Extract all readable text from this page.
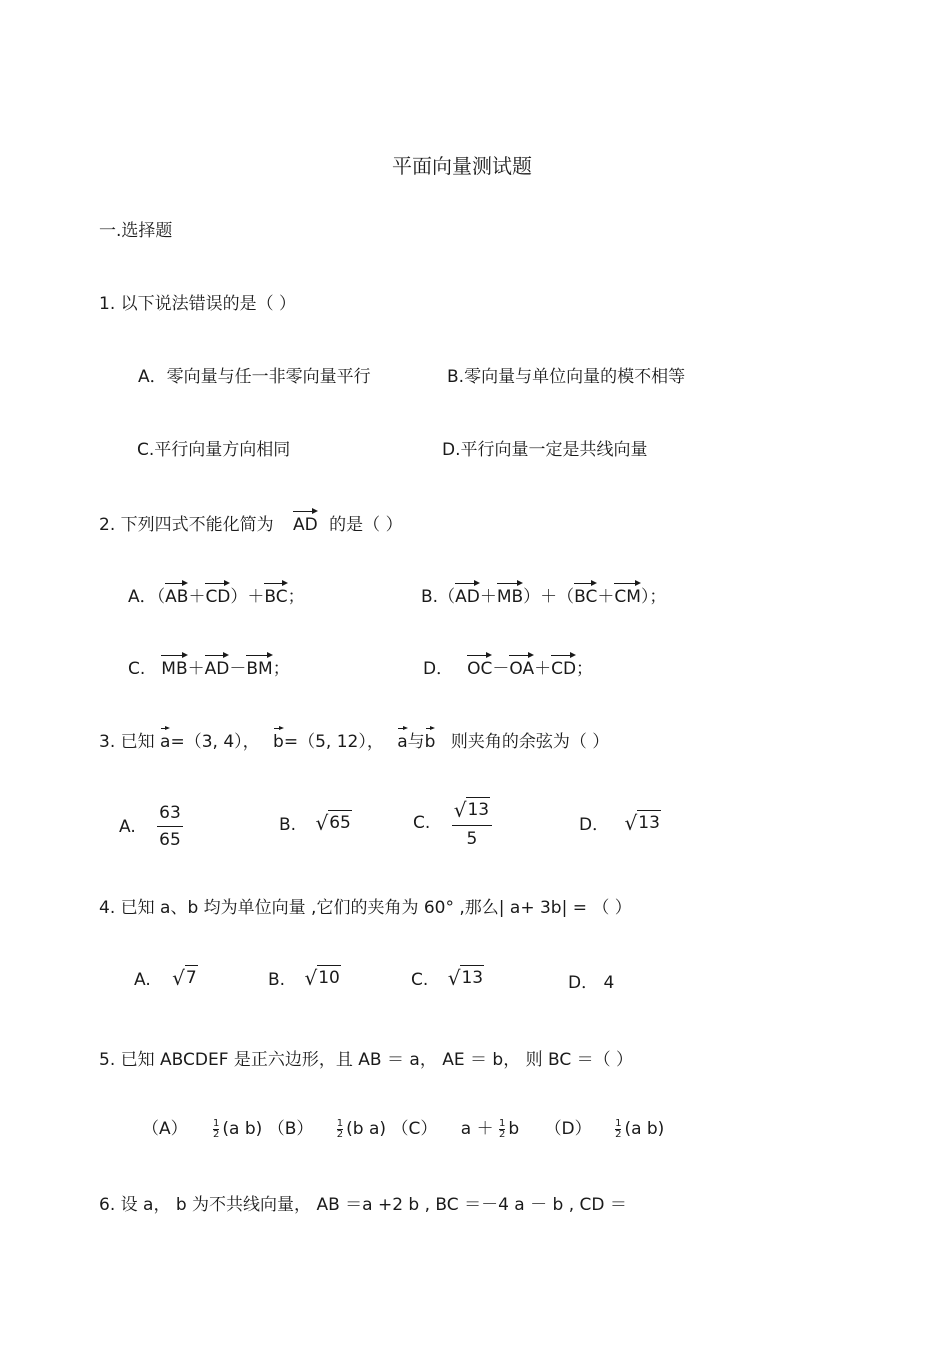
平面向量测试题
一.选择题
1. 以下说法错误的是（ ）
A．零向量与任一非零向量平行	B.零向量与单位向量的模不相等
C.平行向量方向相同	D.平行向量一定是共线向量
2. 下列四式不能化简为 AD 的是（ ）
A．（AB＋CD）＋BC；	B.（AD＋MB）＋（BC＋CM）；
C. MB＋AD－BM；	D． OC－OA＋CD；
3. 已知 a=（3, 4）， b=（5, 12）， a与b 则夹角的余弦为（ ）
A. $\frac{63}{65}$	B. √ 65	C. $\frac{√ 13}{5}$	D． √ 13
4. 已知 a、b 均为单位向量 ,它们的夹角为 60° ,那么| a+ 3b| = （ ）
A. √ 7	B. √ 10	C. √ 13	D． 4
5. 已知 ABCDEF 是正六边形，且 AB ＝ a， AE ＝ b， 则 BC ＝（ ）
（A）	$\frac{1}{2} (a$ b) $(B) \frac{1}{2} (b$ a) （C） $a + \frac{1}{2}$ b $(D) \frac{1}{2} (a$ b)
6. 设 a， b 为不共线向量， AB ＝a +2 b , BC ＝－4 a － b , CD ＝
